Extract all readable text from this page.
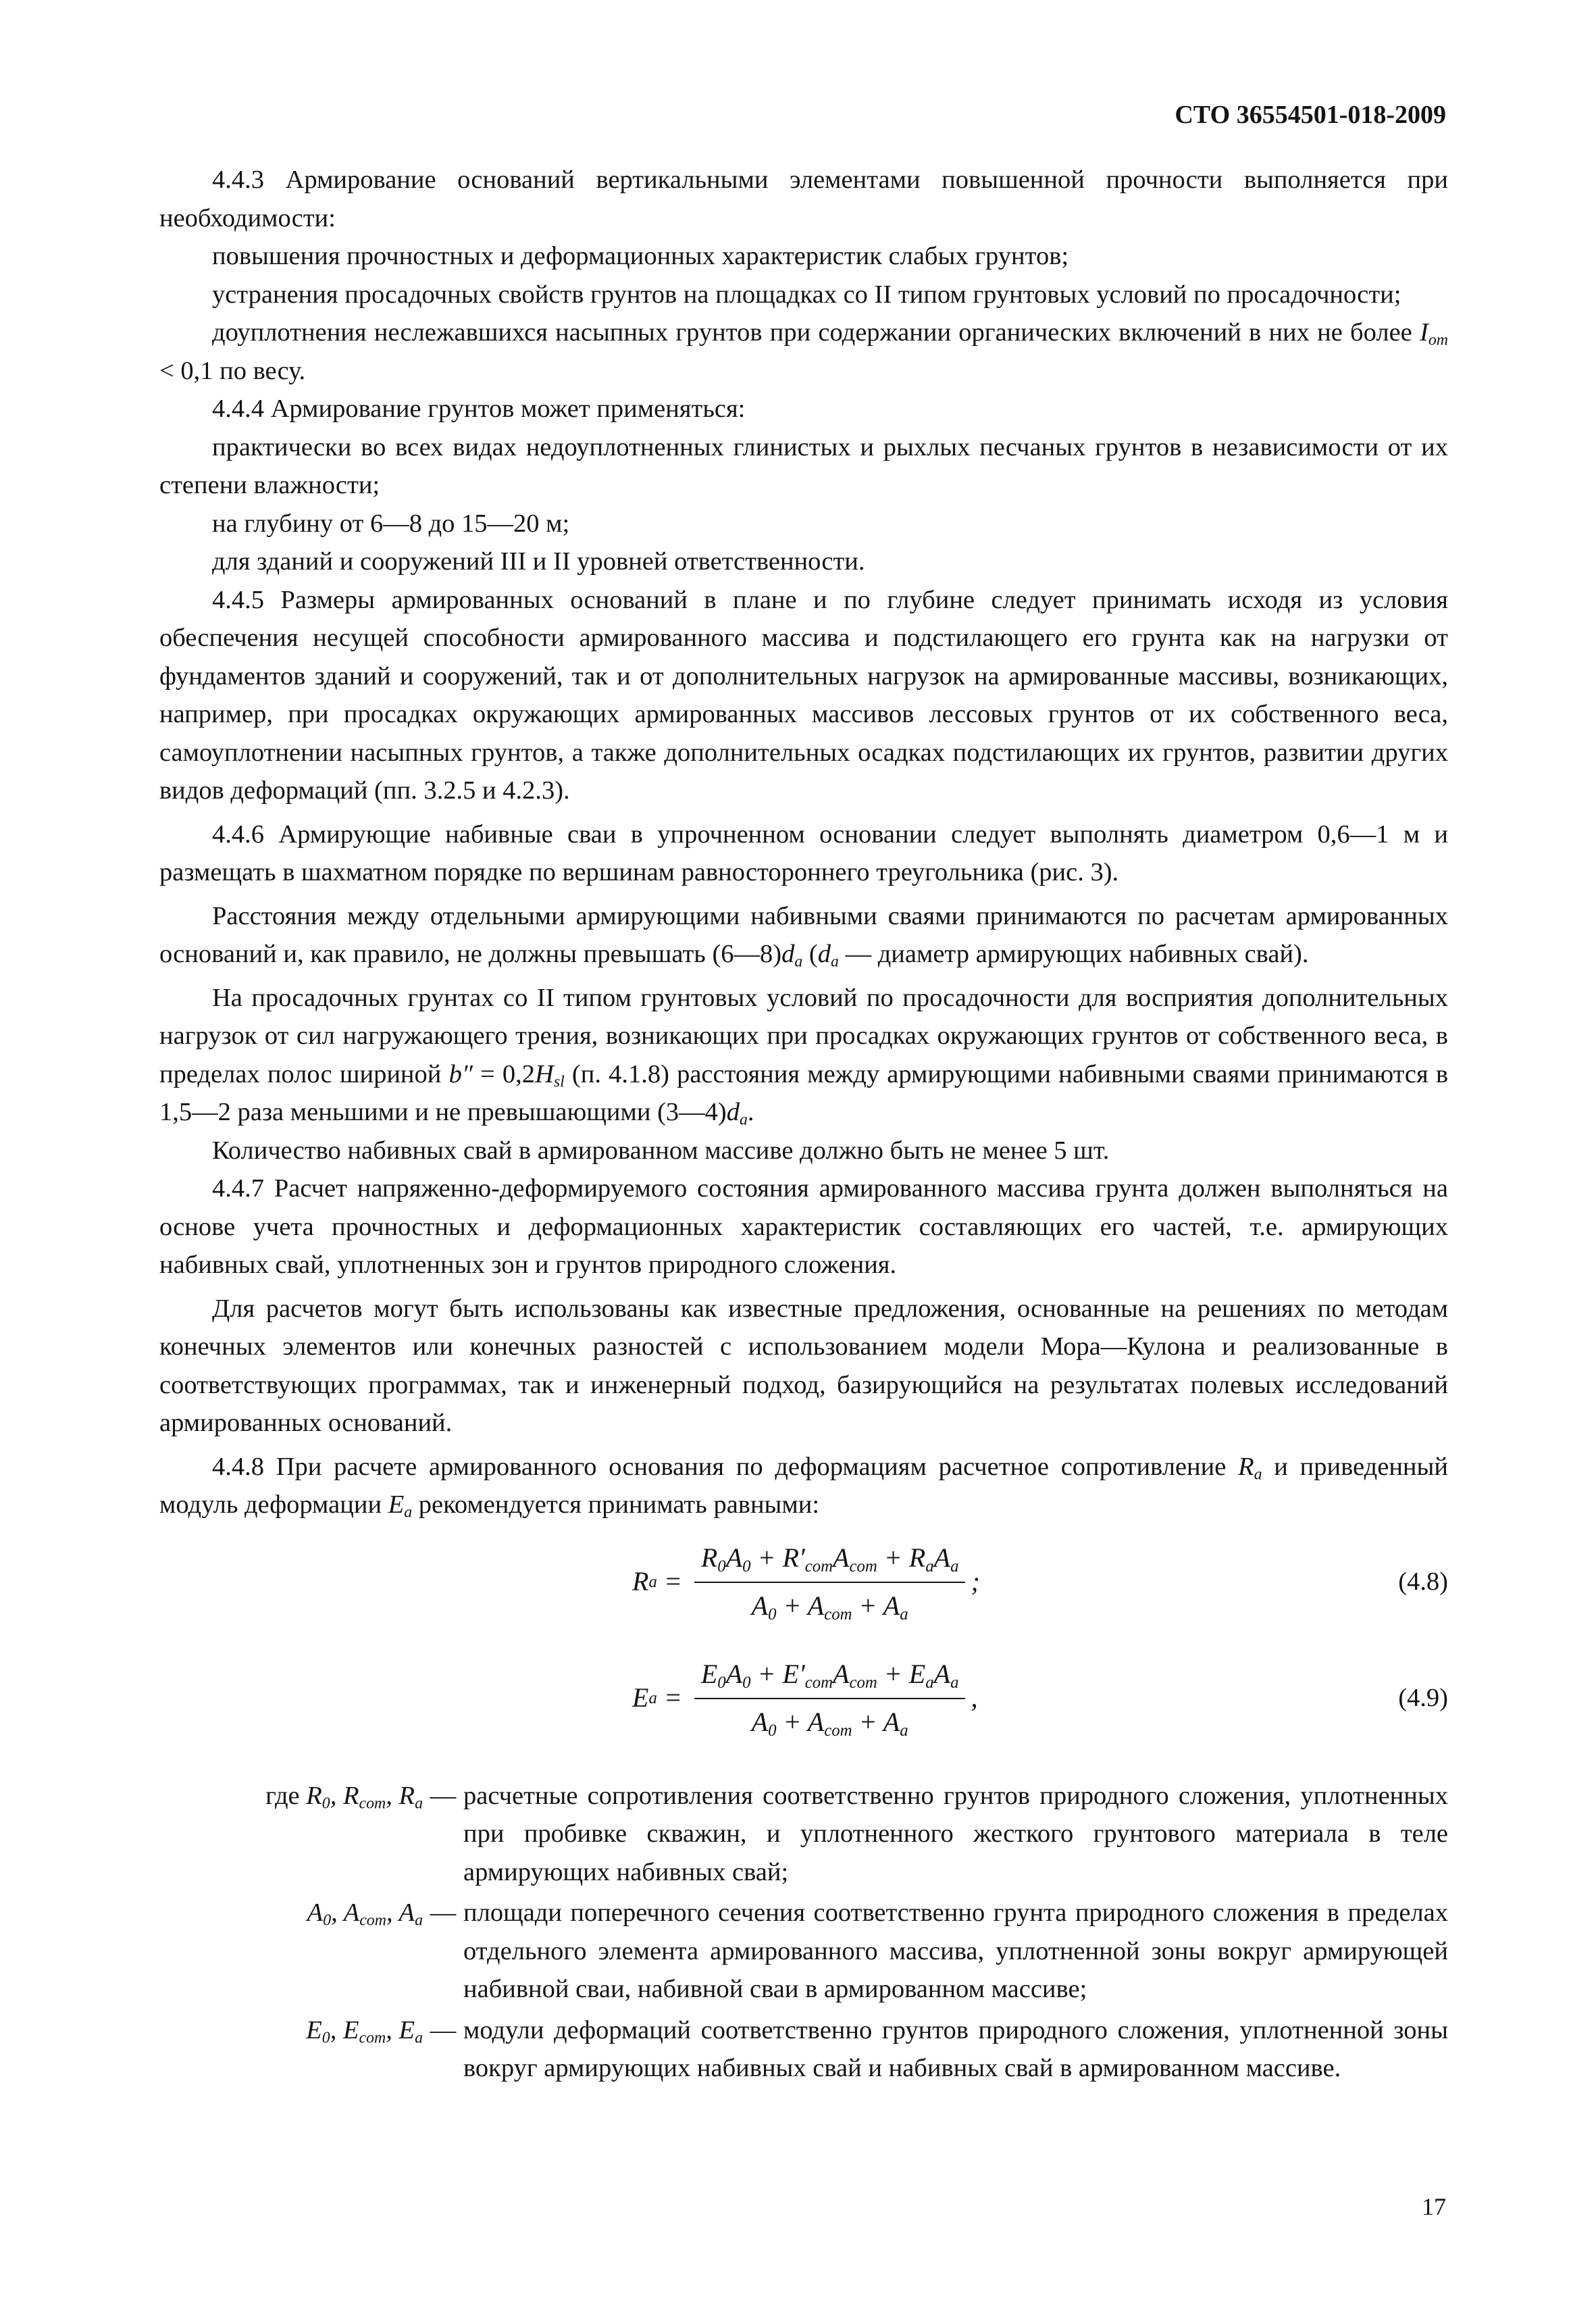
СТО 36554501-018-2009

4.4.3 Армирование оснований вертикальными элементами повышенной прочности выполняется при необходимости:

повышения прочностных и деформационных характеристик слабых грунтов;

устранения просадочных свойств грунтов на площадках со II типом грунтовых условий по просадочности;

доуплотнения неслежавшихся насыпных грунтов при содержании органических включений в них не более $I_{от} < 0,1$ по весу.

4.4.4 Армирование грунтов может применяться:

практически во всех видах недоуплотненных глинистых и рыхлых песчаных грунтов в независимости от их степени влажности;

на глубину от 6—8 до 15—20 м;

для зданий и сооружений III и II уровней ответственности.

4.4.5 Размеры армированных оснований в плане и по глубине следует принимать исходя из условия обеспечения несущей способности армированного массива и подстилающего его грунта как на нагрузки от фундаментов зданий и сооружений, так и от дополнительных нагрузок на армированные массивы, возникающих, например, при просадках окружающих армированных массивов лессовых грунтов от их собственного веса, самоуплотнении насыпных грунтов, а также дополнительных осадках подстилающих их грунтов, развитии других видов деформаций (пп. 3.2.5 и 4.2.3).

4.4.6 Армирующие набивные сваи в упрочненном основании следует выполнять диаметром 0,6—1 м и размещать в шахматном порядке по вершинам равностороннего треугольника (рис. 3).

Расстояния между отдельными армирующими набивными сваями принимаются по расчетам армированных оснований и, как правило, не должны превышать $(6—8)d_a$ ($d_a$ — диаметр армирующих набивных свай).

На просадочных грунтах со II типом грунтовых условий по просадочности для восприятия дополнительных нагрузок от сил нагружающего трения, возникающих при просадках окружающих грунтов от собственного веса, в пределах полос шириной $b'' = 0,2H_{sl}$ (п. 4.1.8) расстояния между армирующими набивными сваями принимаются в 1,5—2 раза меньшими и не превышающими $(3—4)d_a$.

Количество набивных свай в армированном массиве должно быть не менее 5 шт.

4.4.7 Расчет напряженно-деформируемого состояния армированного массива грунта должен выполняться на основе учета прочностных и деформационных характеристик составляющих его частей, т.е. армирующих набивных свай, уплотненных зон и грунтов природного сложения.

Для расчетов могут быть использованы как известные предложения, основанные на решениях по методам конечных элементов или конечных разностей с использованием модели Мора—Кулона и реализованные в соответствующих программах, так и инженерный подход, базирующийся на результатах полевых исследований армированных оснований.

4.4.8 При расчете армированного основания по деформациям расчетное сопротивление $R_a$ и приведенный модуль деформации $E_a$ рекомендуется принимать равными:

R $a = \frac{R_0A_0 + R'_{com}A_{com} + R_aA_a}{A_0 + A_{com} + A_a}$ ;	(4.8)
E $a = \frac{E_0A_0 + E'_{com}A_{com} + E_aA_a}{A_0 + A_{com} + A_a}$ ,	(4.9)
где $R_0$, $R_{com}$, $R_a$ — расчетные сопротивления соответственно грунтов природного сложения, уплотненных при пробивке скважин, и уплотненного жесткого грунтового материала в теле армирующих набивных свай;
$A_0$, $A_{com}$, $A_a$ — площади поперечного сечения соответственно грунта природного сложения в пределах отдельного элемента армированного массива, уплотненной зоны вокруг армирующей набивной сваи, набивной сваи в армированном массиве;
$E_0$, $E_{com}$, $E_a$ — модули деформаций соответственно грунтов природного сложения, уплотненной зоны вокруг армирующих набивных свай и набивных свай в армированном массиве.
17
